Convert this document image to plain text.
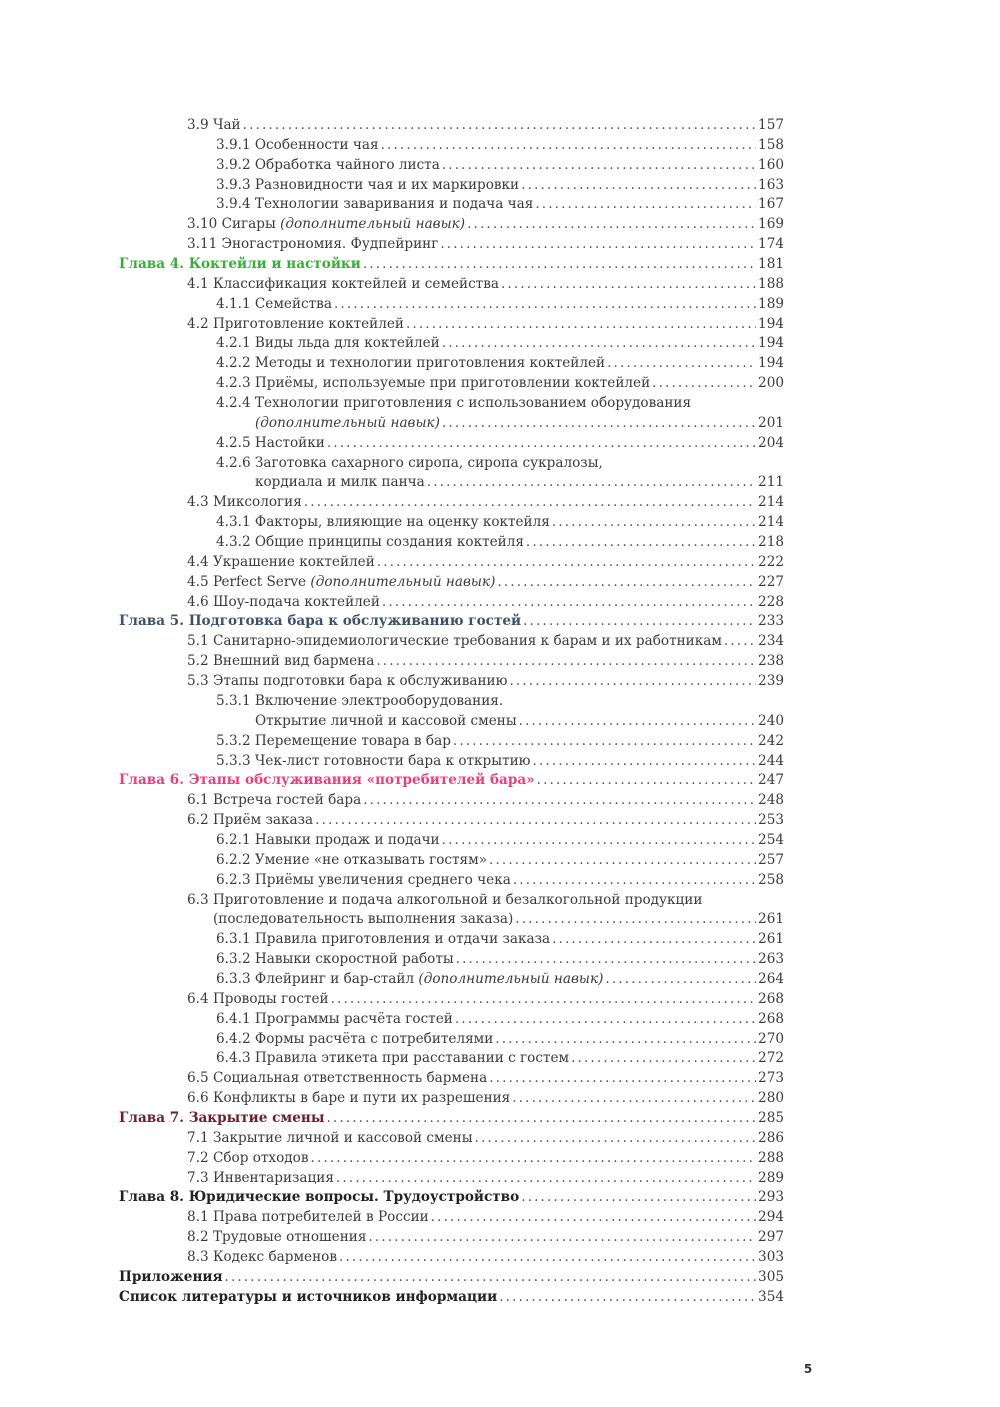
3.9 Чай . . .	157
3.9.1 Особенности чая . . .	158
3.9.2 Обработка чайного листа . . .	160
3.9.3 Разновидности чая и их маркировки . . .	163
3.9.4 Технологии заваривания и подача чая . . .	167
3.10 Сигары (дополнительный навык) . . .	169
3.11 Эногастрономия. Фудпейринг . . .	174
Глава 4. Коктейли и настойки . . .	181
4.1 Классификация коктейлей и семейства . . .	188
4.1.1 Семейства . . .	189
4.2 Приготовление коктейлей . . .	194
4.2.1 Виды льда для коктейлей . . .	194
4.2.2 Методы и технологии приготовления коктейлей . . .	194
4.2.3 Приёмы, используемые при приготовлении коктейлей . . .	200
4.2.4 Технологии приготовления с использованием оборудования
(дополнительный навык) . . .	201
4.2.5 Настойки . . .	204
4.2.6 Заготовка сахарного сиропа, сиропа сукралозы,
кордиала и милк панча . . .	211
4.3 Миксология . . .	214
4.3.1 Факторы, влияющие на оценку коктейля . . .	214
4.3.2 Общие принципы создания коктейля . . .	218
4.4 Украшение коктейлей . . .	222
4.5 Perfect Serve (дополнительный навык) . . .	227
4.6 Шоу-подача коктейлей . . .	228
Глава 5. Подготовка бара к обслуживанию гостей . . .	233
5.1 Санитарно-эпидемиологические требования к барам и их работникам . . .	234
5.2 Внешний вид бармена . . .	238
5.3 Этапы подготовки бара к обслуживанию . . .	239
5.3.1 Включение электрооборудования.
Открытие личной и кассовой смены . . .	240
5.3.2 Перемещение товара в бар . . .	242
5.3.3 Чек-лист готовности бара к открытию . . .	244
Глава 6. Этапы обслуживания «потребителей бара» . . .	247
6.1 Встреча гостей бара . . .	248
6.2 Приём заказа . . .	253
6.2.1 Навыки продаж и подачи . . .	254
6.2.2 Умение «не отказывать гостям» . . .	257
6.2.3 Приёмы увеличения среднего чека . . .	258
6.3 Приготовление и подача алкогольной и безалкогольной продукции
(последовательность выполнения заказа) . . .	261
6.3.1 Правила приготовления и отдачи заказа . . .	261
6.3.2 Навыки скоростной работы . . .	263
6.3.3 Флейринг и бар-стайл (дополнительный навык) . . .	264
6.4 Проводы гостей . . .	268
6.4.1 Программы расчёта гостей . . .	268
6.4.2 Формы расчёта с потребителями . . .	270
6.4.3 Правила этикета при расставании с гостем . . .	272
6.5 Социальная ответственность бармена . . .	273
6.6 Конфликты в баре и пути их разрешения . . .	280
Глава 7. Закрытие смены . . .	285
7.1 Закрытие личной и кассовой смены . . .	286
7.2 Сбор отходов . . .	288
7.3 Инвентаризация . . .	289
Глава 8. Юридические вопросы. Трудоустройство . . .	293
8.1 Права потребителей в России . . .	294
8.2 Трудовые отношения . . .	297
8.3 Кодекс барменов . . .	303
Приложения . . .	305
Список литературы и источников информации . . .	354
5
